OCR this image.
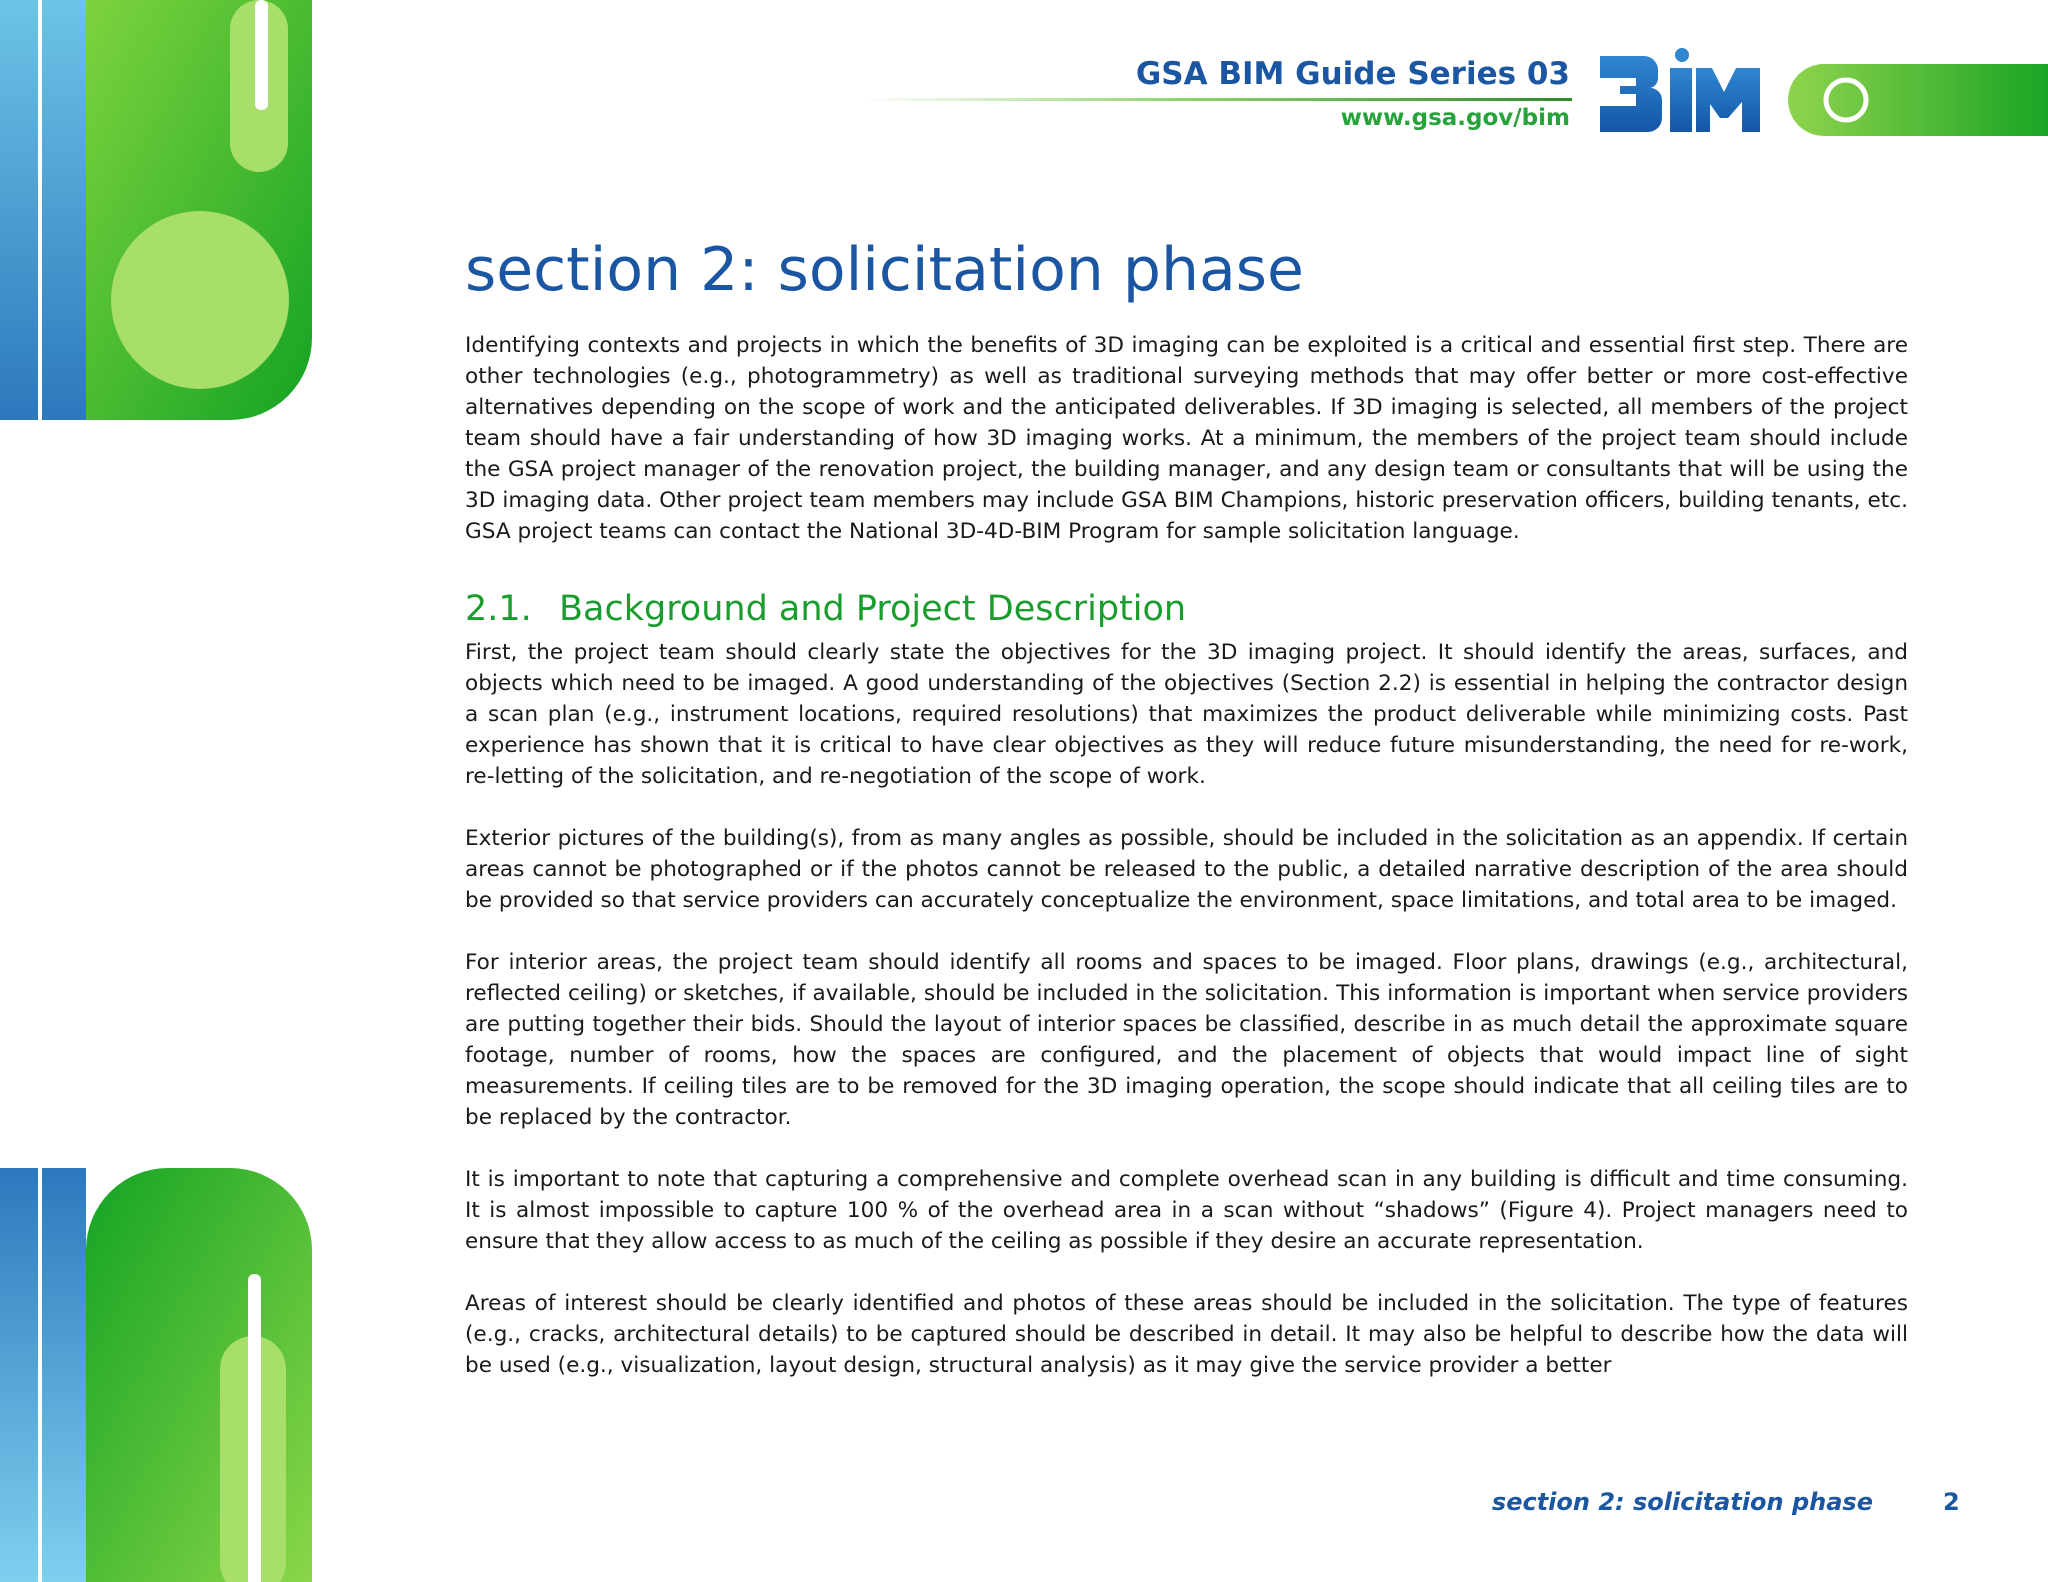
GSA BIM Guide Series 03
www.gsa.gov/bim
section 2: solicitation phase

Identifying contexts and projects in which the benefits of 3D imaging can be exploited is a critical and essential first step. There are other technologies (e.g., photogrammetry) as well as traditional surveying methods that may offer better or more cost-effective alternatives depending on the scope of work and the anticipated deliverables. If 3D imaging is selected, all members of the project team should have a fair understanding of how 3D imaging works. At a minimum, the members of the project team should include the GSA project manager of the renovation project, the building manager, and any design team or consultants that will be using the 3D imaging data. Other project team members may include GSA BIM Champions, historic preservation officers, building tenants, etc. GSA project teams can contact the National 3D-4D-BIM Program for sample solicitation language.

2.1. Background and Project Description

First, the project team should clearly state the objectives for the 3D imaging project. It should identify the areas, surfaces, and objects which need to be imaged. A good understanding of the objectives (Section 2.2) is essential in helping the contractor design a scan plan (e.g., instrument locations, required resolutions) that maximizes the product deliverable while minimizing costs. Past experience has shown that it is critical to have clear objectives as they will reduce future misunderstanding, the need for re-work, re-letting of the solicitation, and re-negotiation of the scope of work.

Exterior pictures of the building(s), from as many angles as possible, should be included in the solicitation as an appendix. If certain areas cannot be photographed or if the photos cannot be released to the public, a detailed narrative description of the area should be provided so that service providers can accurately conceptualize the environment, space limitations, and total area to be imaged.

For interior areas, the project team should identify all rooms and spaces to be imaged. Floor plans, drawings (e.g., architectural, reflected ceiling) or sketches, if available, should be included in the solicitation. This information is important when service providers are putting together their bids. Should the layout of interior spaces be classified, describe in as much detail the approximate square footage, number of rooms, how the spaces are configured, and the placement of objects that would impact line of sight measurements. If ceiling tiles are to be removed for the 3D imaging operation, the scope should indicate that all ceiling tiles are to be replaced by the contractor.

It is important to note that capturing a comprehensive and complete overhead scan in any building is difficult and time consuming. It is almost impossible to capture 100 % of the overhead area in a scan without “shadows” (Figure 4). Project managers need to ensure that they allow access to as much of the ceiling as possible if they desire an accurate representation.

Areas of interest should be clearly identified and photos of these areas should be included in the solicitation. The type of features (e.g., cracks, architectural details) to be captured should be described in detail. It may also be helpful to describe how the data will be used (e.g., visualization, layout design, structural analysis) as it may give the service provider a better

section 2: solicitation phase	2
